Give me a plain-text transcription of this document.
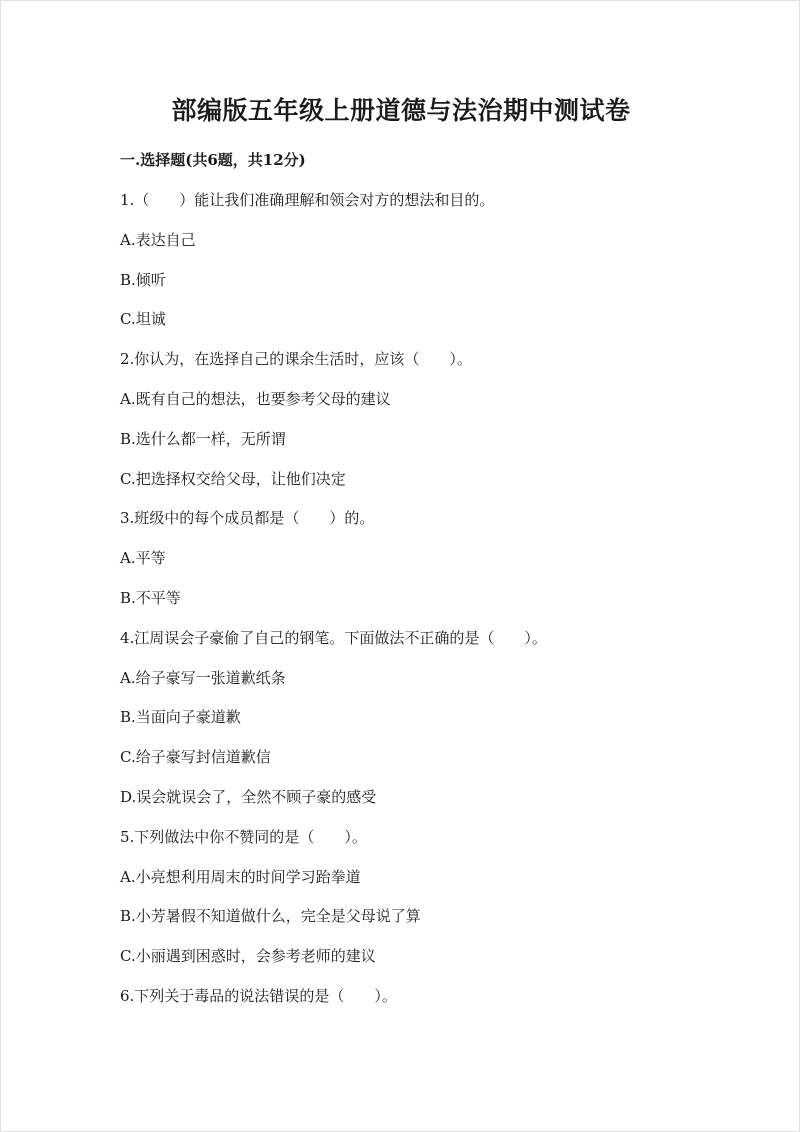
部编版五年级上册道德与法治期中测试卷
一.选择题(共6题，共12分)
1.（　　）能让我们准确理解和领会对方的想法和目的。
A.表达自己
B.倾听
C.坦诚
2.你认为，在选择自己的课余生活时，应该（　　）。
A.既有自己的想法，也要参考父母的建议
B.选什么都一样，无所谓
C.把选择权交给父母，让他们决定
3.班级中的每个成员都是（　　）的。
A.平等
B.不平等
4.江周误会子豪偷了自己的钢笔。下面做法不正确的是（　　）。
A.给子豪写一张道歉纸条
B.当面向子豪道歉
C.给子豪写封信道歉信
D.误会就误会了，全然不顾子豪的感受
5.下列做法中你不赞同的是（　　）。
A.小亮想利用周末的时间学习跆拳道
B.小芳暑假不知道做什么，完全是父母说了算
C.小丽遇到困惑时，会参考老师的建议
6.下列关于毒品的说法错误的是（　　）。
